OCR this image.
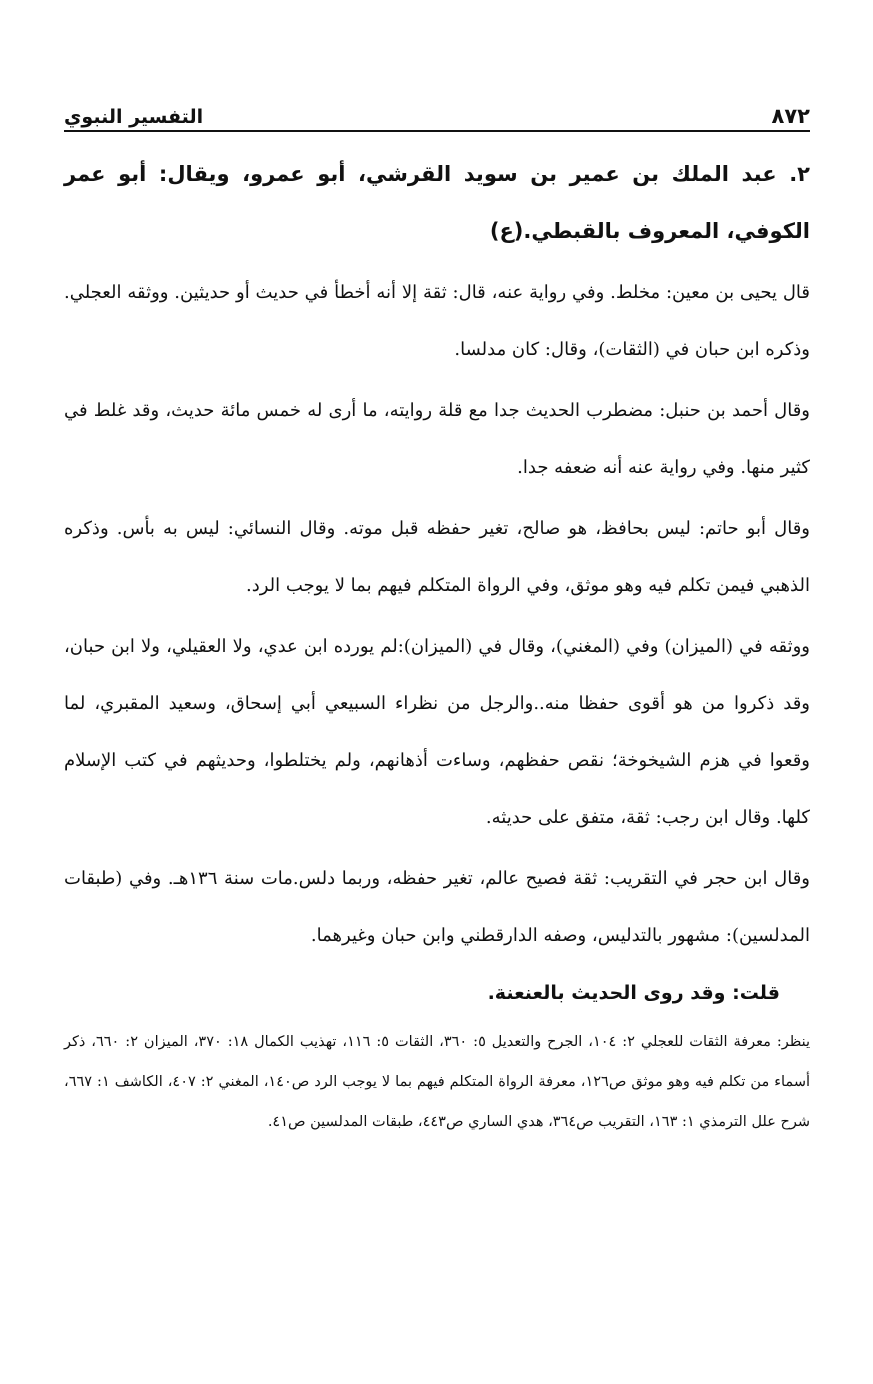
٨٧٢
التفسير النبوي

٢. عبد الملك بن عمير بن سويد القرشي، أبو عمرو، ويقال: أبو عمر الكوفي، المعروف بالقبطي.(ع)

قال يحيى بن معين: مخلط. وفي رواية عنه، قال: ثقة إلا أنه أخطأ في حديث أو حديثين. ووثقه العجلي. وذكره ابن حبان في (الثقات)، وقال: كان مدلسا.

وقال أحمد بن حنبل: مضطرب الحديث جدا مع قلة روايته، ما أرى له خمس مائة حديث، وقد غلط في كثير منها. وفي رواية عنه أنه ضعفه جدا.

وقال أبو حاتم: ليس بحافظ، هو صالح، تغير حفظه قبل موته. وقال النسائي: ليس به بأس. وذكره الذهبي فيمن تكلم فيه وهو موثق، وفي الرواة المتكلم فيهم بما لا يوجب الرد.

ووثقه في (الميزان) وفي (المغني)، وقال في (الميزان):لم يورده ابن عدي، ولا العقيلي، ولا ابن حبان، وقد ذكروا من هو أقوى حفظا منه..والرجل من نظراء السبيعي أبي إسحاق، وسعيد المقبري، لما وقعوا في هزم الشيخوخة؛ نقص حفظهم، وساءت أذهانهم، ولم يختلطوا، وحديثهم في كتب الإسلام كلها. وقال ابن رجب: ثقة، متفق على حديثه.

وقال ابن حجر في التقريب: ثقة فصيح عالم، تغير حفظه، وربما دلس.مات سنة ١٣٦هـ. وفي (طبقات المدلسين): مشهور بالتدليس، وصفه الدارقطني وابن حبان وغيرهما.

قلت: وقد روى الحديث بالعنعنة.

ينظر: معرفة الثقات للعجلي ٢: ١٠٤، الجرح والتعديل ٥: ٣٦٠، الثقات ٥: ١١٦، تهذيب الكمال ١٨: ٣٧٠، الميزان ٢: ٦٦٠، ذكر أسماء من تكلم فيه وهو موثق ص١٢٦، معرفة الرواة المتكلم فيهم بما لا يوجب الرد ص١٤٠، المغني ٢: ٤٠٧، الكاشف ١: ٦٦٧، شرح علل الترمذي ١: ١٦٣، التقريب ص٣٦٤، هدي الساري ص٤٤٣، طبقات المدلسين ص٤١.
